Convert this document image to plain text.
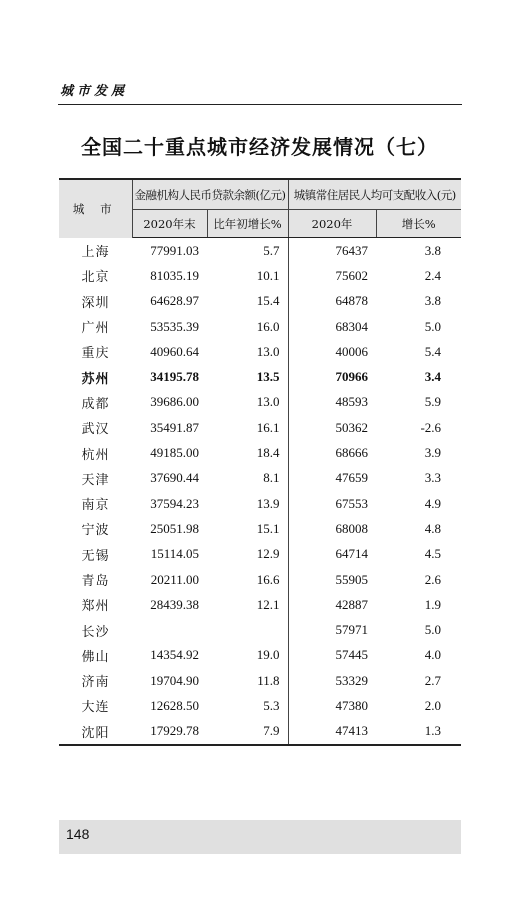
城市发展
全国二十重点城市经济发展情况（七）
城 市	金融机构人民币贷款余额(亿元)		城镇常住居民人均可支配收入(元)	
	2020年末	比年初增长%	2020年	增长%
上海	77991.03	5.7	76437	3.8
北京	81035.19	10.1	75602	2.4
深圳	64628.97	15.4	64878	3.8
广州	53535.39	16.0	68304	5.0
重庆	40960.64	13.0	40006	5.4
苏州	34195.78	13.5	70966	3.4
成都	39686.00	13.0	48593	5.9
武汉	35491.87	16.1	50362	-2.6
杭州	49185.00	18.4	68666	3.9
天津	37690.44	8.1	47659	3.3
南京	37594.23	13.9	67553	4.9
宁波	25051.98	15.1	68008	4.8
无锡	15114.05	12.9	64714	4.5
青岛	20211.00	16.6	55905	2.6
郑州	28439.38	12.1	42887	1.9
长沙			57971	5.0
佛山	14354.92	19.0	57445	4.0
济南	19704.90	11.8	53329	2.7
大连	12628.50	5.3	47380	2.0
沈阳	17929.78	7.9	47413	1.3
148
